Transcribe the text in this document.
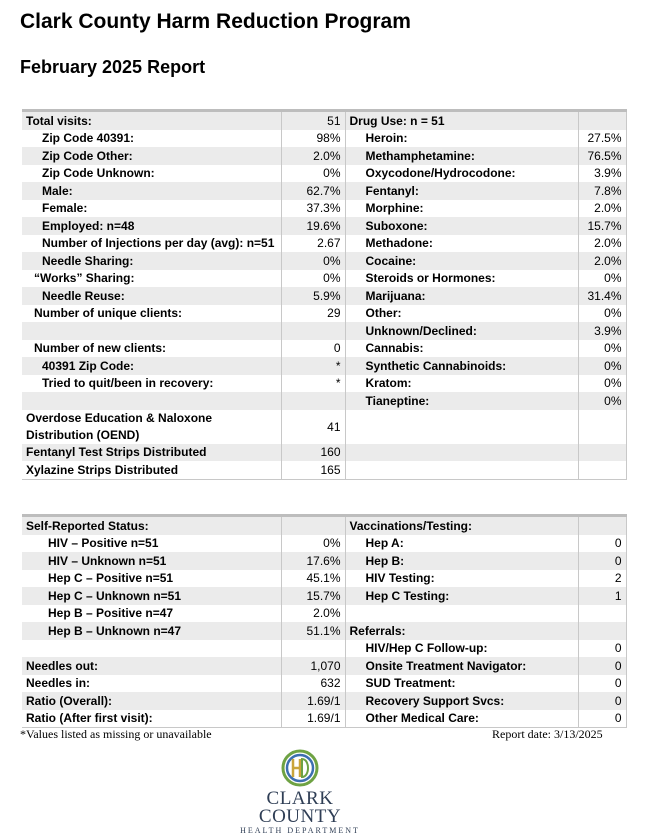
Clark County Harm Reduction Program
February 2025 Report
Total visits:	51	Drug Use: n = 51	
Zip Code 40391:	98%	Heroin:	27.5%
Zip Code Other:	2.0%	Methamphetamine:	76.5%
Zip Code Unknown:	0%	Oxycodone/Hydrocodone:	3.9%
Male:	62.7%	Fentanyl:	7.8%
Female:	37.3%	Morphine:	2.0%
Employed: n=48	19.6%	Suboxone:	15.7%
Number of Injections per day (avg): n=51	2.67	Methadone:	2.0%
Needle Sharing:	0%	Cocaine:	2.0%
“Works” Sharing:	0%	Steroids or Hormones:	0%
Needle Reuse:	5.9%	Marijuana:	31.4%
Number of unique clients:	29	Other:	0%
		Unknown/Declined:	3.9%
Number of new clients:	0	Cannabis:	0%
40391 Zip Code:	*	Synthetic Cannabinoids:	0%
Tried to quit/been in recovery:	*	Kratom:	0%
		Tianeptine:	0%
Overdose Education & Naloxone Distribution (OEND)	41		
Fentanyl Test Strips Distributed	160		
Xylazine Strips Distributed	165		
Self-Reported Status:		Vaccinations/Testing:	
HIV – Positive n=51	0%	Hep A:	0
HIV – Unknown n=51	17.6%	Hep B:	0
Hep C – Positive n=51	45.1%	HIV Testing:	2
Hep C – Unknown n=51	15.7%	Hep C Testing:	1
Hep B – Positive n=47	2.0%		
Hep B – Unknown n=47	51.1%	Referrals:	
		HIV/Hep C Follow-up:	0
Needles out:	1,070	Onsite Treatment Navigator:	0
Needles in:	632	SUD Treatment:	0
Ratio (Overall):	1.69/1	Recovery Support Svcs:	0
Ratio (After first visit):	1.69/1	Other Medical Care:	0
*Values listed as missing or unavailable	Report date: 3/13/2025
CLARK COUNTY
HEALTH DEPARTMENT
